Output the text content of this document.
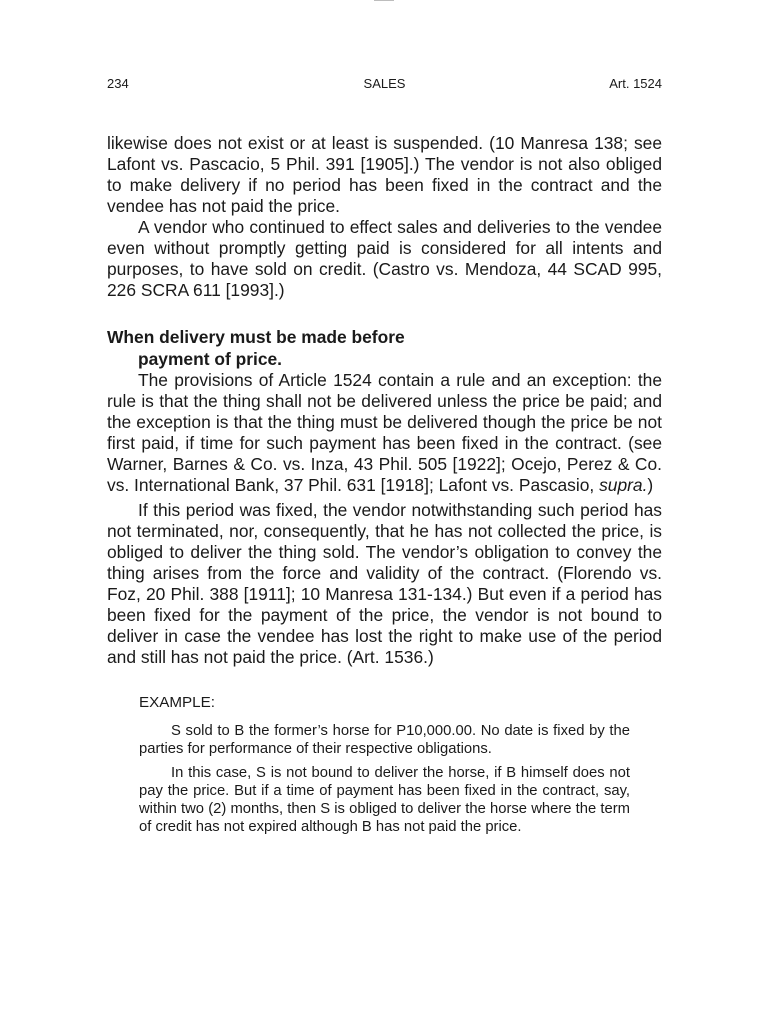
234	SALES	Art. 1524

likewise does not exist or at least is suspended. (10 Manresa 138; see Lafont vs. Pascacio, 5 Phil. 391 [1905].) The vendor is not also obliged to make delivery if no period has been fixed in the contract and the vendee has not paid the price.

A vendor who continued to effect sales and deliveries to the vendee even without promptly getting paid is considered for all intents and purposes, to have sold on credit. (Castro vs. Mendoza, 44 SCAD 995, 226 SCRA 611 [1993].)

When delivery must be made before
payment of price.

The provisions of Article 1524 contain a rule and an exception: the rule is that the thing shall not be delivered unless the price be paid; and the exception is that the thing must be delivered though the price be not first paid, if time for such payment has been fixed in the contract. (see Warner, Barnes & Co. vs. Inza, 43 Phil. 505 [1922]; Ocejo, Perez & Co. vs. International Bank, 37 Phil. 631 [1918]; Lafont vs. Pascasio, supra.)

If this period was fixed, the vendor notwithstanding such period has not terminated, nor, consequently, that he has not collected the price, is obliged to deliver the thing sold. The vendor’s obligation to convey the thing arises from the force and validity of the contract. (Florendo vs. Foz, 20 Phil. 388 [1911]; 10 Manresa 131-134.) But even if a period has been fixed for the payment of the price, the vendor is not bound to deliver in case the vendee has lost the right to make use of the period and still has not paid the price. (Art. 1536.)

EXAMPLE:

S sold to B the former’s horse for P10,000.00. No date is fixed by the parties for performance of their respective obligations.

In this case, S is not bound to deliver the horse, if B himself does not pay the price. But if a time of payment has been fixed in the contract, say, within two (2) months, then S is obliged to deliver the horse where the term of credit has not expired although B has not paid the price.
